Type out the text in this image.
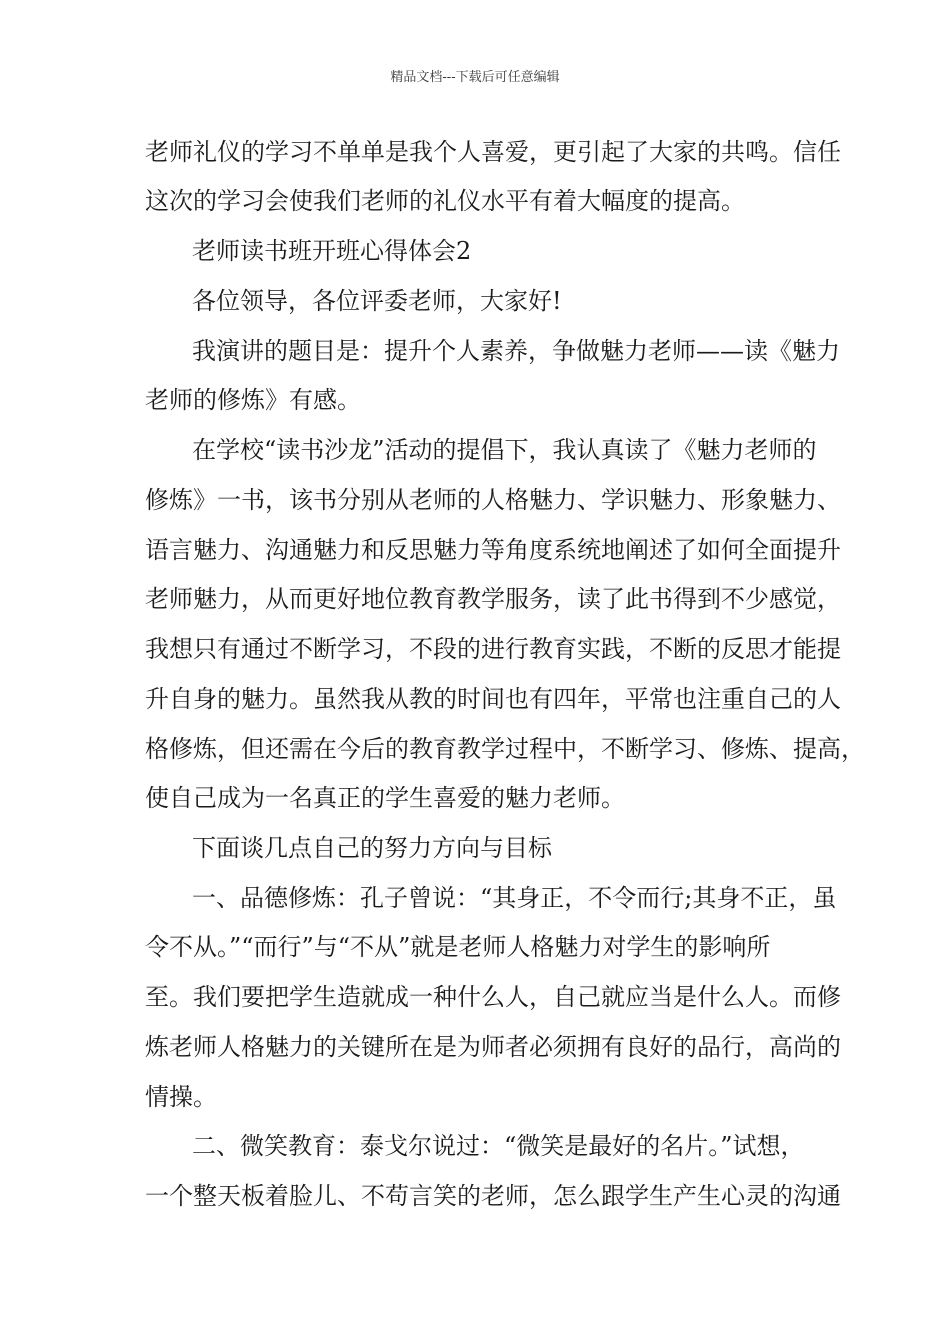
精品文档---下载后可任意编辑
老师礼仪的学习不单单是我个人喜爱，更引起了大家的共鸣。信任
这次的学习会使我们老师的礼仪水平有着大幅度的提高。
老师读书班开班心得体会2
各位领导，各位评委老师，大家好!
我演讲的题目是：提升个人素养，争做魅力老师——读《魅力
老师的修炼》有感。
在学校“读书沙龙”活动的提倡下，我认真读了《魅力老师的
修炼》一书，该书分别从老师的人格魅力、学识魅力、形象魅力、
语言魅力、沟通魅力和反思魅力等角度系统地阐述了如何全面提升
老师魅力，从而更好地位教育教学服务，读了此书得到不少感觉，
我想只有通过不断学习，不段的进行教育实践，不断的反思才能提
升自身的魅力。虽然我从教的时间也有四年，平常也注重自己的人
格修炼，但还需在今后的教育教学过程中，不断学习、修炼、提高，
使自己成为一名真正的学生喜爱的魅力老师。
下面谈几点自己的努力方向与目标
一、品德修炼：孔子曾说：“其身正，不令而行;其身不正，虽
令不从。”“而行”与“不从”就是老师人格魅力对学生的影响所
至。我们要把学生造就成一种什么人，自己就应当是什么人。而修
炼老师人格魅力的关键所在是为师者必须拥有良好的品行，高尚的
情操。
二、微笑教育：泰戈尔说过：“微笑是最好的名片。”试想，
一个整天板着脸儿、不苟言笑的老师，怎么跟学生产生心灵的沟通
